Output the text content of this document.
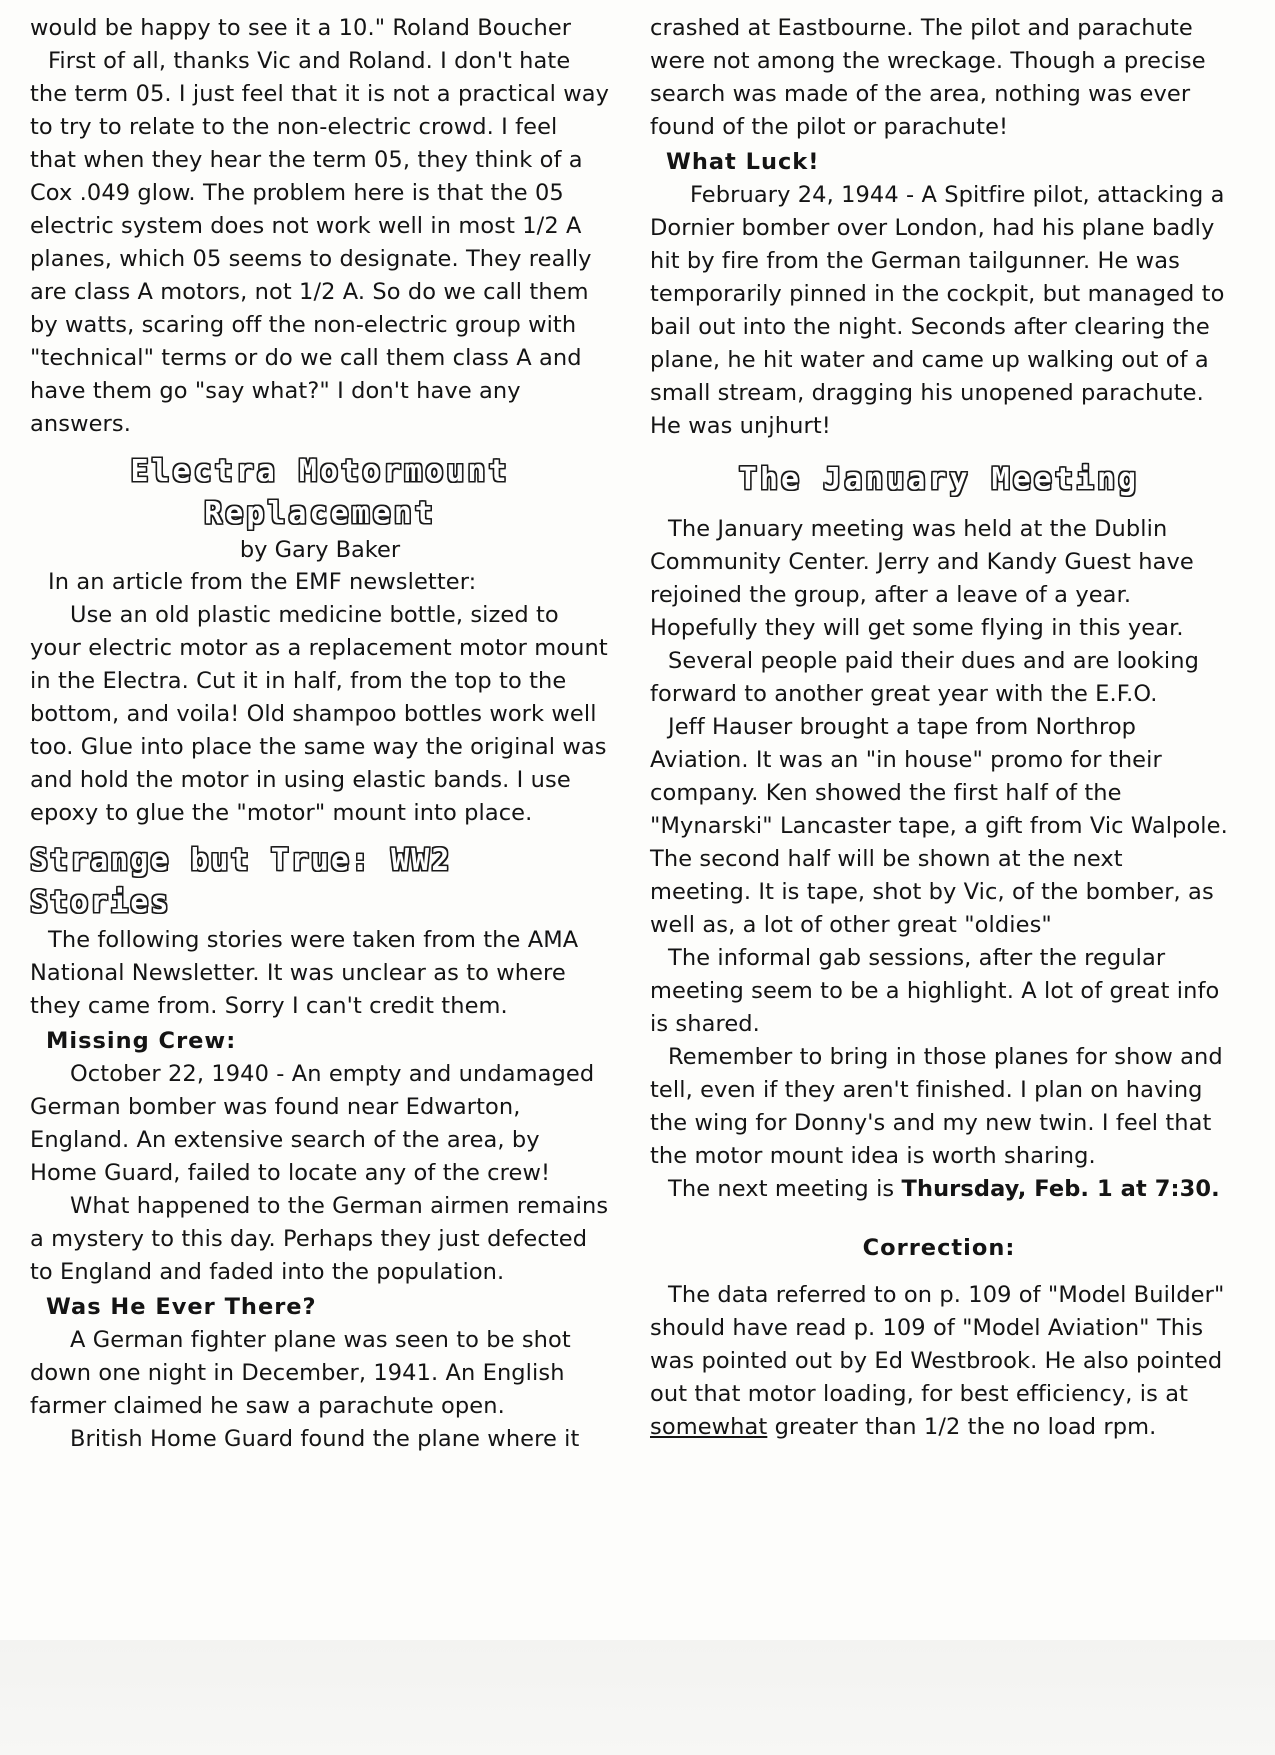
would be happy to see it a 10." Roland Boucher

First of all, thanks Vic and Roland. I don't hate the term 05. I just feel that it is not a practical way to try to relate to the non-electric crowd. I feel that when they hear the term 05, they think of a Cox .049 glow. The problem here is that the 05 electric system does not work well in most 1/2 A planes, which 05 seems to designate. They really are class A motors, not 1/2 A. So do we call them by watts, scaring off the non-electric group with "technical" terms or do we call them class A and have them go "say what?" I don't have any answers.

Electra Motormount
Replacement
by Gary Baker

In an article from the EMF newsletter:

Use an old plastic medicine bottle, sized to your electric motor as a replacement motor mount in the Electra. Cut it in half, from the top to the bottom, and voila! Old shampoo bottles work well too. Glue into place the same way the original was and hold the motor in using elastic bands. I use epoxy to glue the "motor" mount into place.

Strange but True: WW2 Stories

The following stories were taken from the AMA National Newsletter. It was unclear as to where they came from. Sorry I can't credit them.

Missing Crew:

October 22, 1940 - An empty and undamaged German bomber was found near Edwarton, England. An extensive search of the area, by Home Guard, failed to locate any of the crew!

What happened to the German airmen remains a mystery to this day. Perhaps they just defected to England and faded into the population.

Was He Ever There?

A German fighter plane was seen to be shot down one night in December, 1941. An English farmer claimed he saw a parachute open.

British Home Guard found the plane where it

crashed at Eastbourne. The pilot and parachute were not among the wreckage. Though a precise search was made of the area, nothing was ever found of the pilot or parachute!

What Luck!

February 24, 1944 - A Spitfire pilot, attacking a Dornier bomber over London, had his plane badly hit by fire from the German tailgunner. He was temporarily pinned in the cockpit, but managed to bail out into the night. Seconds after clearing the plane, he hit water and came up walking out of a small stream, dragging his unopened parachute. He was unjhurt!

The January Meeting

The January meeting was held at the Dublin Community Center. Jerry and Kandy Guest have rejoined the group, after a leave of a year. Hopefully they will get some flying in this year.

Several people paid their dues and are looking forward to another great year with the E.F.O.

Jeff Hauser brought a tape from Northrop Aviation. It was an "in house" promo for their company. Ken showed the first half of the "Mynarski" Lancaster tape, a gift from Vic Walpole. The second half will be shown at the next meeting. It is tape, shot by Vic, of the bomber, as well as, a lot of other great "oldies"

The informal gab sessions, after the regular meeting seem to be a highlight. A lot of great info is shared.

Remember to bring in those planes for show and tell, even if they aren't finished. I plan on having the wing for Donny's and my new twin. I feel that the motor mount idea is worth sharing.

The next meeting is Thursday, Feb. 1 at 7:30.

Correction:

The data referred to on p. 109 of "Model Builder" should have read p. 109 of "Model Aviation" This was pointed out by Ed Westbrook. He also pointed out that motor loading, for best efficiency, is at somewhat greater than 1/2 the no load rpm.
